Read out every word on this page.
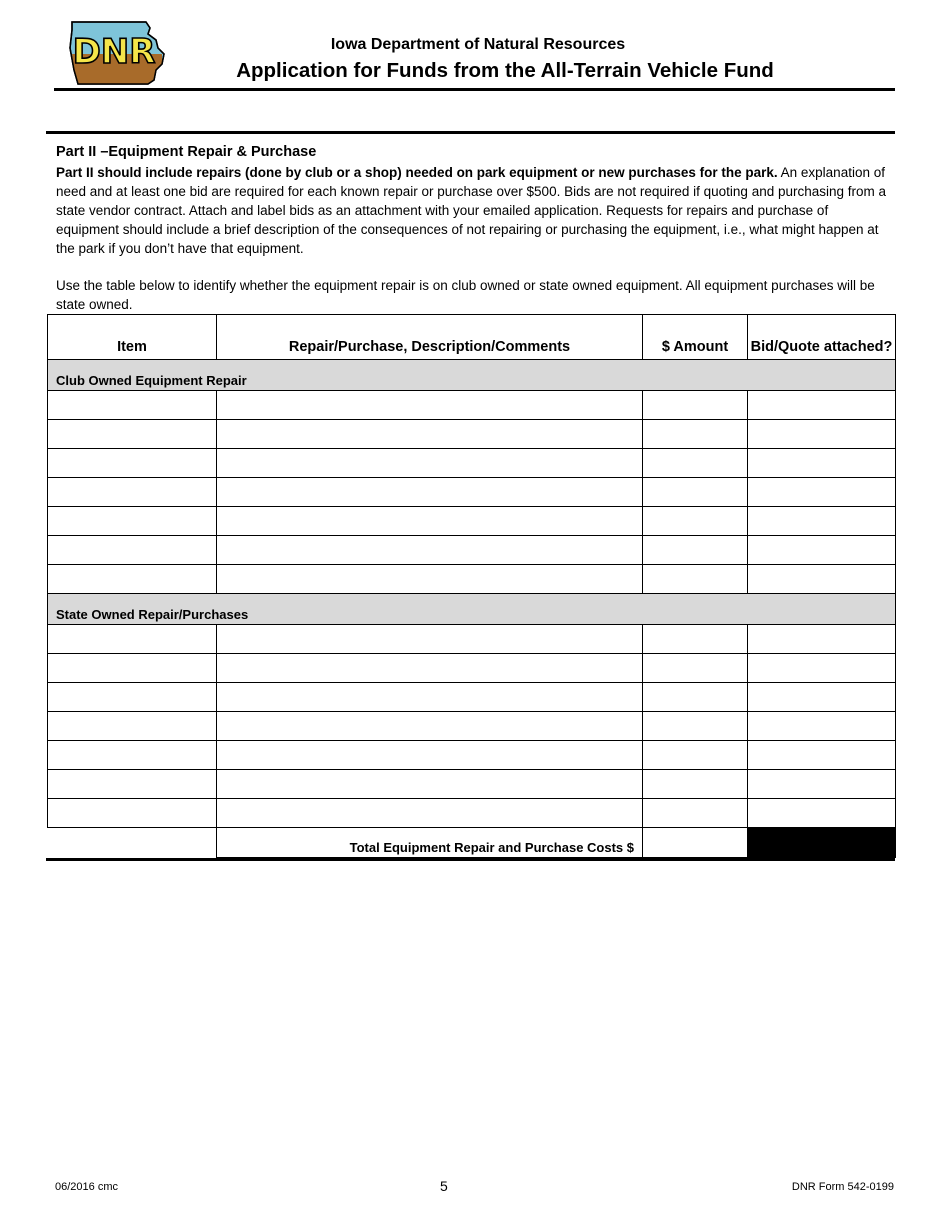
DNR	Iowa Department of Natural Resources
Application for Funds from the All-Terrain Vehicle Fund
Part II –Equipment Repair & Purchase

Part II should include repairs (done by club or a shop) needed on park equipment or new purchases for the park. An explanation of need and at least one bid are required for each known repair or purchase over $500. Bids are not required if quoting and purchasing from a state vendor contract. Attach and label bids as an attachment with your emailed application. Requests for repairs and purchase of equipment should include a brief description of the consequences of not repairing or purchasing the equipment, i.e., what might happen at the park if you don’t have that equipment.

Use the table below to identify whether the equipment repair is on club owned or state owned equipment. All equipment purchases will be state owned.

Item	Repair/Purchase, Description/Comments	$ Amount	Bid/Quote attached?
Club Owned Equipment Repair			

State Owned Repair/Purchases			

	Total Equipment Repair and Purchase Costs $		
06/2016 cmc	5	DNR Form 542-0199
